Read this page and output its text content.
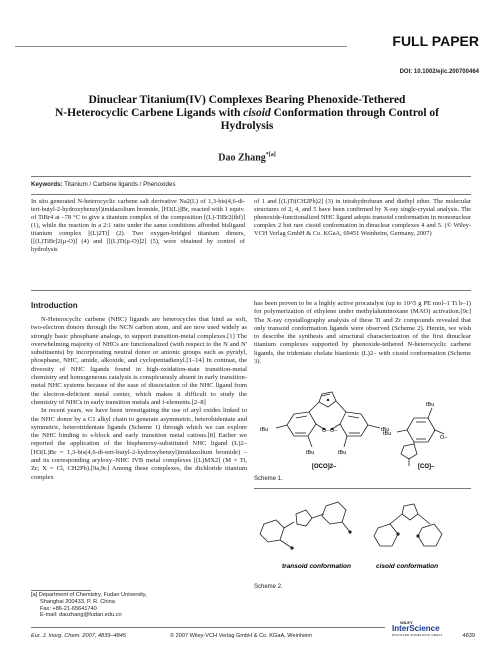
FULL PAPER
DOI: 10.1002/ejic.200700464
Dinuclear Titanium(IV) Complexes Bearing Phenoxide-Tethered
N-Heterocyclic Carbene Ligands with cisoid Conformation through Control of
Hydrolysis
Dao Zhang$^{*[a]}$
Keywords: Titanium / Carbene ligands / Phenoxides
In situ generated N-heterocyclic carbene salt derivative Na2(L) of 1,3-bis(4,6-di-tert-butyl-2-hydroxybenzyl)imidazolium bromide, [H3(L)]Br, reacted with 1 equiv. of TiBr4 at –78 °C to give a titanium complex of the composition [(L)-TiBr2(thf)] (1), while the reaction in a 2:1 ratio under the same conditions afforded bisligand titanium complex [(L)2Ti] (2). Two oxygen-bridged titanium dimers, [[(L)TiBr]2(μ-O)] (4) and [[(L)Ti(μ-O)]2] (5), were obtained by control of hydrolysis
of 1 and [(L)Ti(CH2Ph)2] (3) in tetrahydrofuran and diethyl ether. The molecular structures of 2, 4, and 5 have been confirmed by X-ray single-crystal analysis. The phenoxide-functionalized NHC ligand adopts transoid conformation in mononuclear complex 2 but rare cisoid conformation in dinuclear complexes 4 and 5. (© Wiley-VCH Verlag GmbH & Co. KGaA, 69451 Weinheim, Germany, 2007)
Introduction

N-Heterocyclic carbene (NHC) ligands are heterocycles that bind as soft, two-electron donors through the NCN carbon atom, and are now used widely as strongly basic phosphane analogs, to support transition-metal complexes.[1] The overwhelming majority of NHCs are functionalized (with respect to the N and N' substituents) by incorporating neutral donor or anionic groups such as pyridyl, phosphane, NHC, amide, alkoxide, and cyclopentadienyl.[1–14] In contrast, the diversity of NHC ligands found in high-oxidation-state transition-metal chemistry and homogeneous catalysis is conspicuously absent in early transition-metal NHC systems because of the ease of dissociation of the NHC ligand from the electron-deficient metal center, which makes it difficult to study the chemistry of NHCs in early transition metals and f-elements.[2–8]

In recent years, we have been investigating the use of aryl oxides linked to the NHC donor by a C1 alkyl chain to generate asymmetric, heterobidentate and symmetric, heterotridentate ligands (Scheme 1) through which we can explore the NHC binding to s-block and early transition metal cations.[8] Earlier we reported the application of the bisphenoxy-substituted NHC ligand (L)2– [H3(L)Br = 1,3-bis(4,6-di-tert-butyl-2-hydroxybenzyl)imidazolium bromide) – and its corresponding aryloxy–NHC IVB metal complexes [(L)MX2] (M = Ti, Zr; X = Cl, CH2Ph).[9a,9c] Among these complexes, the dichloride titanium complex

has been proven to be a highly active procatalyst (up to 10^5 g PE mol–1 Ti h–1) for polymerization of ethylene under methylaluminoxane (MAO) activation.[9c] The X-ray crystallography analysis of these Ti and Zr compounds revealed that only transoid conformation ligands were observed (Scheme 2). Herein, we wish to describe the synthesis and structural characterization of the first dinuclear titanium complexes supported by phenoxide-tethered N-heterocyclic carbene ligands, the tridentate chelate bianionic (L)2– with cisoid conformation (Scheme 3).
O– O–
tBu
tBu	tBu
tBu
tBu
tBu
O–
[OCO]2–	[CO]–
Scheme 1.
transoid conformation	cisoid conformation
Scheme 2.
[a] Department of Chemistry, Fudan University,
Shanghai 200433, P. R. China
Fax: +86-21-65641740
E-mail: daozhang@fudan.edu.cn
Eur. J. Inorg. Chem. 2007, 4839–4845	© 2007 Wiley-VCH Verlag GmbH & Co. KGaA, Weinheim
WILEY
InterScience
DISCOVER SOMETHING GREAT	4839
